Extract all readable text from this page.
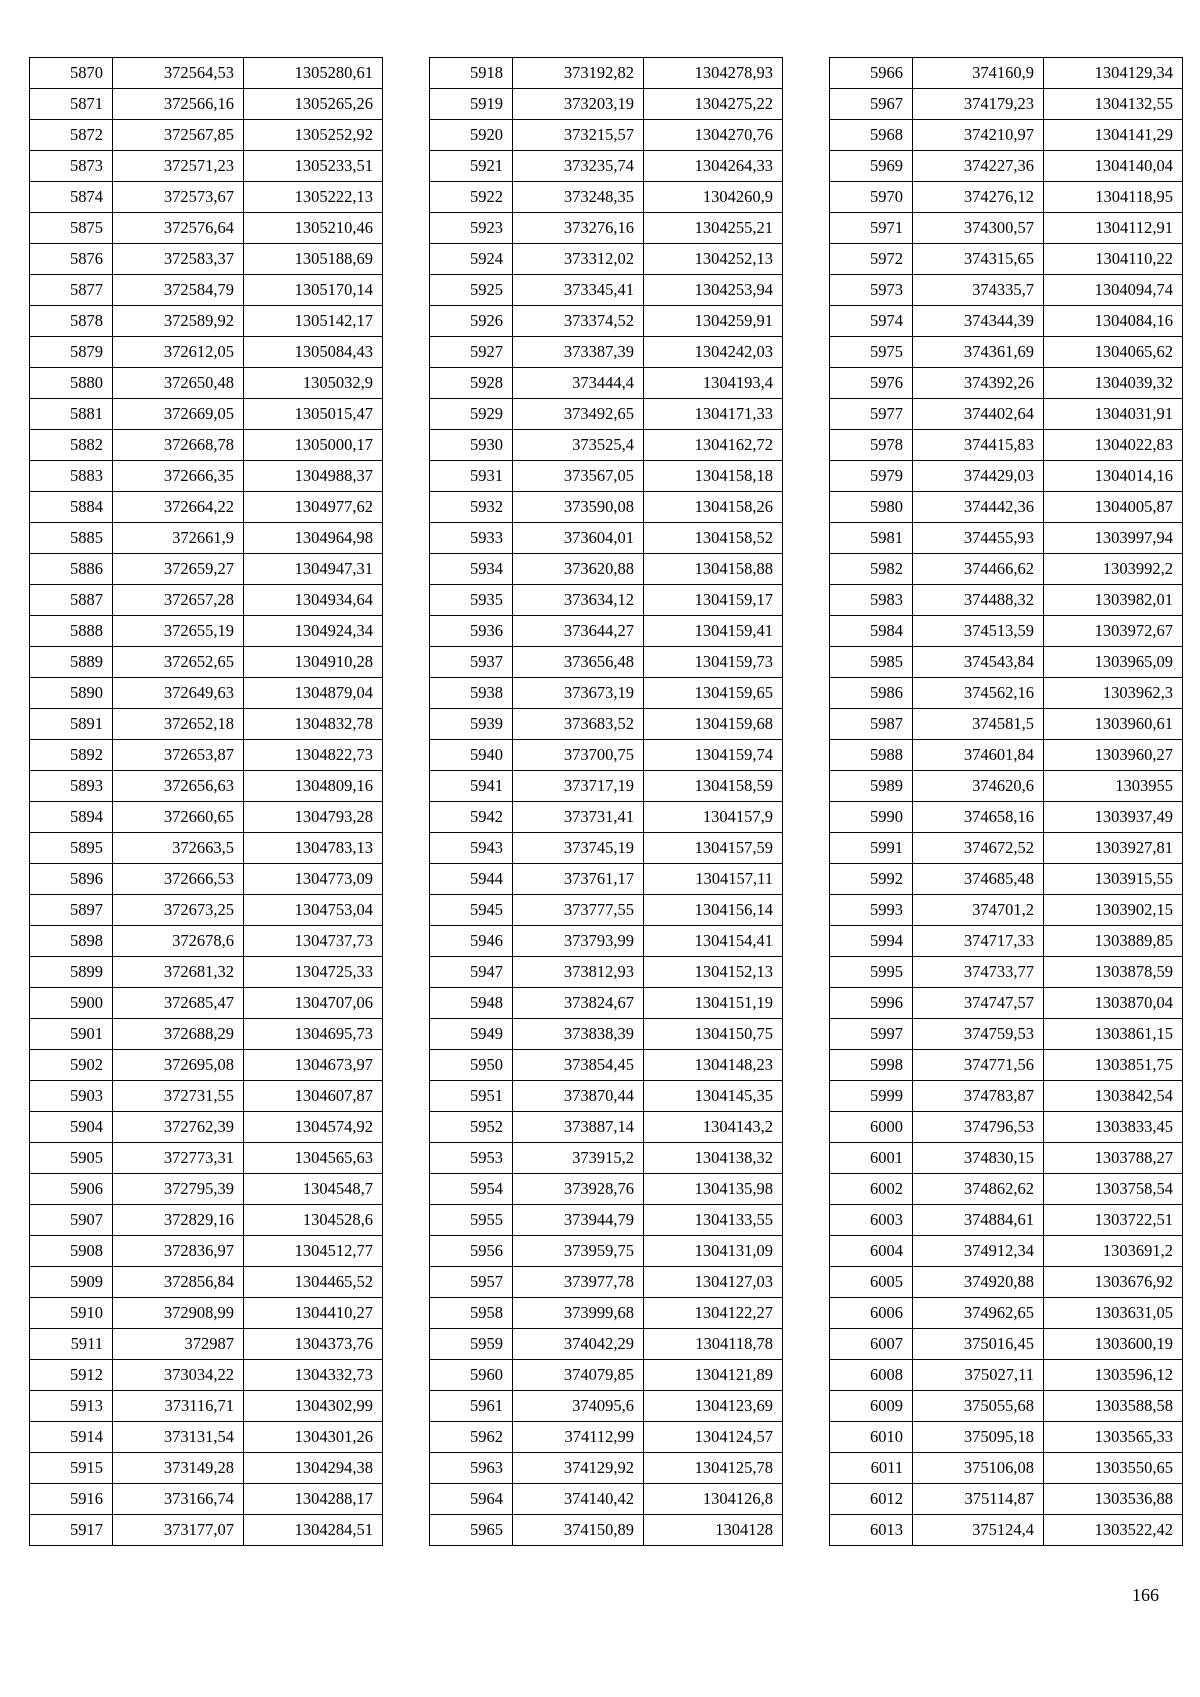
5870	372564,53	1305280,61
5871	372566,16	1305265,26
5872	372567,85	1305252,92
5873	372571,23	1305233,51
5874	372573,67	1305222,13
5875	372576,64	1305210,46
5876	372583,37	1305188,69
5877	372584,79	1305170,14
5878	372589,92	1305142,17
5879	372612,05	1305084,43
5880	372650,48	1305032,9
5881	372669,05	1305015,47
5882	372668,78	1305000,17
5883	372666,35	1304988,37
5884	372664,22	1304977,62
5885	372661,9	1304964,98
5886	372659,27	1304947,31
5887	372657,28	1304934,64
5888	372655,19	1304924,34
5889	372652,65	1304910,28
5890	372649,63	1304879,04
5891	372652,18	1304832,78
5892	372653,87	1304822,73
5893	372656,63	1304809,16
5894	372660,65	1304793,28
5895	372663,5	1304783,13
5896	372666,53	1304773,09
5897	372673,25	1304753,04
5898	372678,6	1304737,73
5899	372681,32	1304725,33
5900	372685,47	1304707,06
5901	372688,29	1304695,73
5902	372695,08	1304673,97
5903	372731,55	1304607,87
5904	372762,39	1304574,92
5905	372773,31	1304565,63
5906	372795,39	1304548,7
5907	372829,16	1304528,6
5908	372836,97	1304512,77
5909	372856,84	1304465,52
5910	372908,99	1304410,27
5911	372987	1304373,76
5912	373034,22	1304332,73
5913	373116,71	1304302,99
5914	373131,54	1304301,26
5915	373149,28	1304294,38
5916	373166,74	1304288,17
5917	373177,07	1304284,51
5918	373192,82	1304278,93
5919	373203,19	1304275,22
5920	373215,57	1304270,76
5921	373235,74	1304264,33
5922	373248,35	1304260,9
5923	373276,16	1304255,21
5924	373312,02	1304252,13
5925	373345,41	1304253,94
5926	373374,52	1304259,91
5927	373387,39	1304242,03
5928	373444,4	1304193,4
5929	373492,65	1304171,33
5930	373525,4	1304162,72
5931	373567,05	1304158,18
5932	373590,08	1304158,26
5933	373604,01	1304158,52
5934	373620,88	1304158,88
5935	373634,12	1304159,17
5936	373644,27	1304159,41
5937	373656,48	1304159,73
5938	373673,19	1304159,65
5939	373683,52	1304159,68
5940	373700,75	1304159,74
5941	373717,19	1304158,59
5942	373731,41	1304157,9
5943	373745,19	1304157,59
5944	373761,17	1304157,11
5945	373777,55	1304156,14
5946	373793,99	1304154,41
5947	373812,93	1304152,13
5948	373824,67	1304151,19
5949	373838,39	1304150,75
5950	373854,45	1304148,23
5951	373870,44	1304145,35
5952	373887,14	1304143,2
5953	373915,2	1304138,32
5954	373928,76	1304135,98
5955	373944,79	1304133,55
5956	373959,75	1304131,09
5957	373977,78	1304127,03
5958	373999,68	1304122,27
5959	374042,29	1304118,78
5960	374079,85	1304121,89
5961	374095,6	1304123,69
5962	374112,99	1304124,57
5963	374129,92	1304125,78
5964	374140,42	1304126,8
5965	374150,89	1304128
5966	374160,9	1304129,34
5967	374179,23	1304132,55
5968	374210,97	1304141,29
5969	374227,36	1304140,04
5970	374276,12	1304118,95
5971	374300,57	1304112,91
5972	374315,65	1304110,22
5973	374335,7	1304094,74
5974	374344,39	1304084,16
5975	374361,69	1304065,62
5976	374392,26	1304039,32
5977	374402,64	1304031,91
5978	374415,83	1304022,83
5979	374429,03	1304014,16
5980	374442,36	1304005,87
5981	374455,93	1303997,94
5982	374466,62	1303992,2
5983	374488,32	1303982,01
5984	374513,59	1303972,67
5985	374543,84	1303965,09
5986	374562,16	1303962,3
5987	374581,5	1303960,61
5988	374601,84	1303960,27
5989	374620,6	1303955
5990	374658,16	1303937,49
5991	374672,52	1303927,81
5992	374685,48	1303915,55
5993	374701,2	1303902,15
5994	374717,33	1303889,85
5995	374733,77	1303878,59
5996	374747,57	1303870,04
5997	374759,53	1303861,15
5998	374771,56	1303851,75
5999	374783,87	1303842,54
6000	374796,53	1303833,45
6001	374830,15	1303788,27
6002	374862,62	1303758,54
6003	374884,61	1303722,51
6004	374912,34	1303691,2
6005	374920,88	1303676,92
6006	374962,65	1303631,05
6007	375016,45	1303600,19
6008	375027,11	1303596,12
6009	375055,68	1303588,58
6010	375095,18	1303565,33
6011	375106,08	1303550,65
6012	375114,87	1303536,88
6013	375124,4	1303522,42
166
